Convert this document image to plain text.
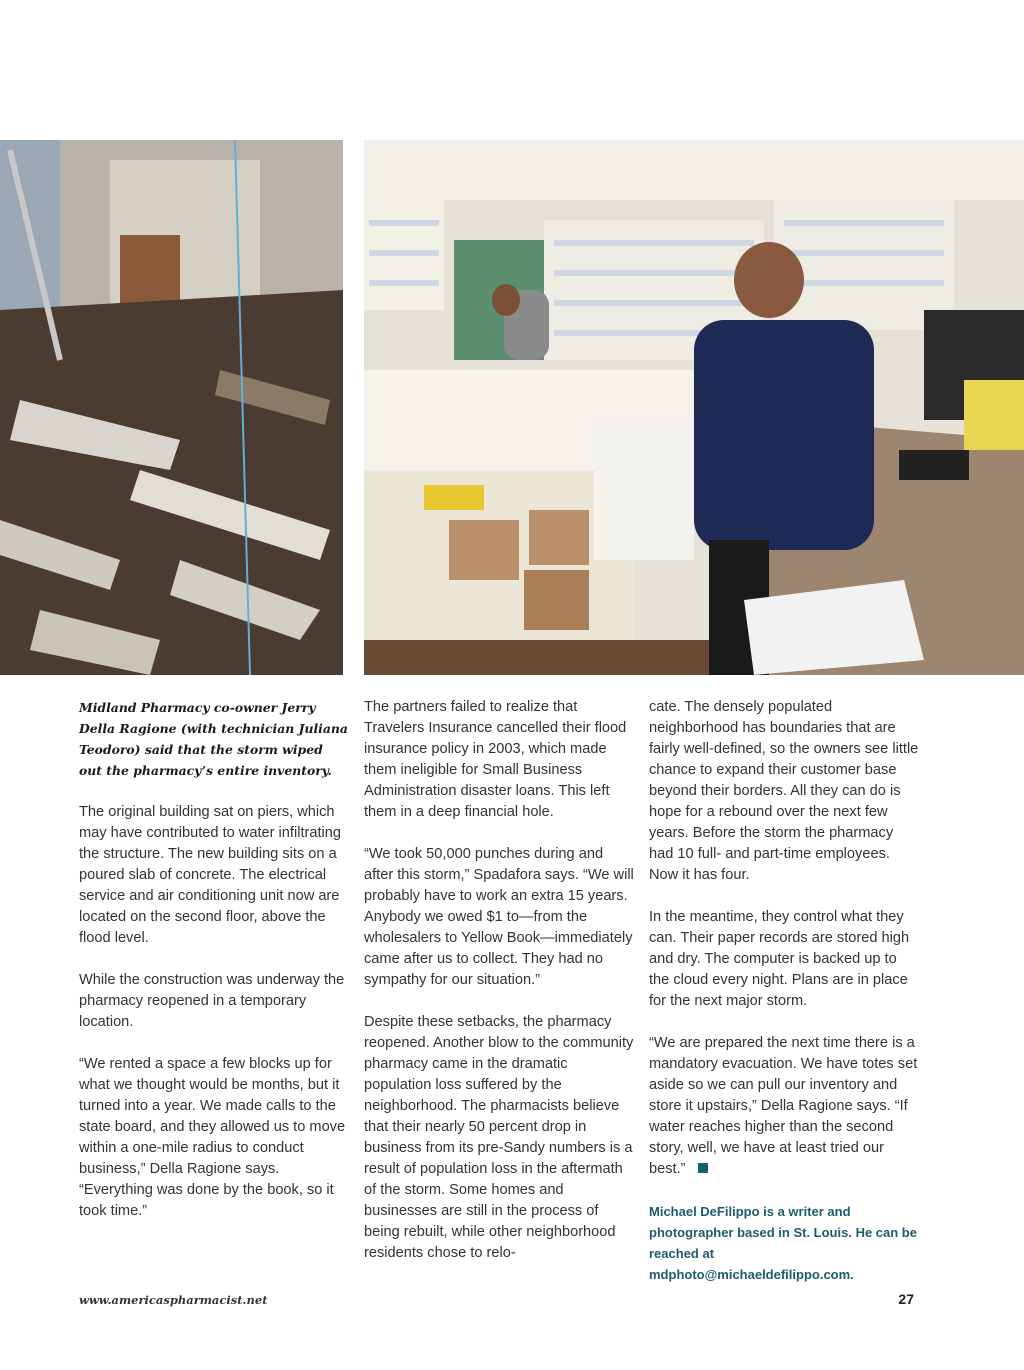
Midland Pharmacy co-owner Jerry Della Ragione (with technician Juliana Teodoro) said that the storm wiped out the pharmacy’s entire inventory.

The original building sat on piers, which may have contributed to water infiltrating the structure. The new building sits on a poured slab of concrete. The electrical service and air conditioning unit now are located on the second floor, above the flood level.

While the construction was underway the pharmacy reopened in a temporary location.

“We rented a space a few blocks up for what we thought would be months, but it turned into a year. We made calls to the state board, and they allowed us to move within a one-mile radius to conduct business,” Della Ragione says. “Everything was done by the book, so it took time.”

The partners failed to realize that Travelers Insurance cancelled their flood insurance policy in 2003, which made them ineligible for Small Business Administration disaster loans. This left them in a deep financial hole.

“We took 50,000 punches during and after this storm,” Spadafora says. “We will probably have to work an extra 15 years. Anybody we owed $1 to—from the wholesalers to Yellow Book—immediately came after us to collect. They had no sympathy for our situation.”

Despite these setbacks, the pharmacy reopened. Another blow to the community pharmacy came in the dramatic population loss suffered by the neighborhood. The pharmacists believe that their nearly 50 percent drop in business from its pre-Sandy numbers is a result of population loss in the aftermath of the storm. Some homes and businesses are still in the process of being rebuilt, while other neighborhood residents chose to relo-

cate. The densely populated neighborhood has boundaries that are fairly well-defined, so the owners see little chance to expand their customer base beyond their borders. All they can do is hope for a rebound over the next few years. Before the storm the pharmacy had 10 full- and part-time employees. Now it has four.

In the meantime, they control what they can. Their paper records are stored high and dry. The computer is backed up to the cloud every night. Plans are in place for the next major storm.

“We are prepared the next time there is a mandatory evacuation. We have totes set aside so we can pull our inventory and store it upstairs,” Della Ragione says. “If water reaches higher than the second story, well, we have at least tried our best.”

Michael DeFilippo is a writer and photographer based in St. Louis. He can be reached at mdphoto@michaeldefilippo.com.

www.americaspharmacist.net	27
